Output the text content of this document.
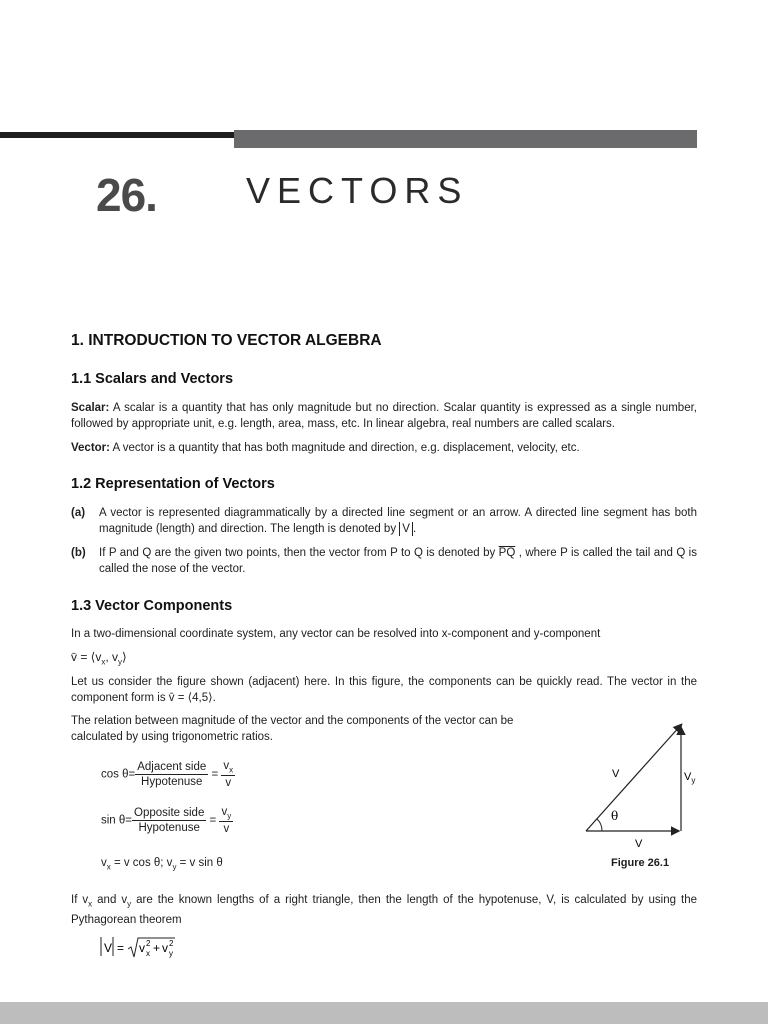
26. VECTORS
1. INTRODUCTION TO VECTOR ALGEBRA
1.1 Scalars and Vectors
Scalar: A scalar is a quantity that has only magnitude but no direction. Scalar quantity is expressed as a single number, followed by appropriate unit, e.g. length, area, mass, etc. In linear algebra, real numbers are called scalars.
Vector: A vector is a quantity that has both magnitude and direction, e.g. displacement, velocity, etc.
1.2 Representation of Vectors
(a) A vector is represented diagrammatically by a directed line segment or an arrow. A directed line segment has both magnitude (length) and direction. The length is denoted by V .
(b) If P and Q are the given two points, then the vector from P to Q is denoted by $\overline{PQ}$ , where P is called the tail and Q is called the nose of the vector.
1.3 Vector Components
In a two-dimensional coordinate system, any vector can be resolved into x-component and y-component
v̄ = $⟨v_x$, $v_y⟩$
Let us consider the figure shown (adjacent) here. In this figure, the components can be quickly read. The vector in the component form is v̄ = ⟨4,5⟩.
The relation between magnitude of the vector and the components of the vector can be calculated by using trigonometric ratios.
$\cos \theta= \frac{\text{Adjacent side}}{\text{Hypotenuse}} = \frac{v_x}{v}$
$\sin \theta= \frac{\text{Opposite side}}{\text{Hypotenuse}} = \frac{v_y}{v}$
$v_x = v$ cos θ; $v_y = v$ sin θ
V	$V_y$
θ
V
Figure 26.1
If $v_x$ and $v_y$ are the known lengths of a right triangle, then the length of the hypotenuse, V, is calculated by using the Pythagorean theorem
V = v 2
x + v 2
y
